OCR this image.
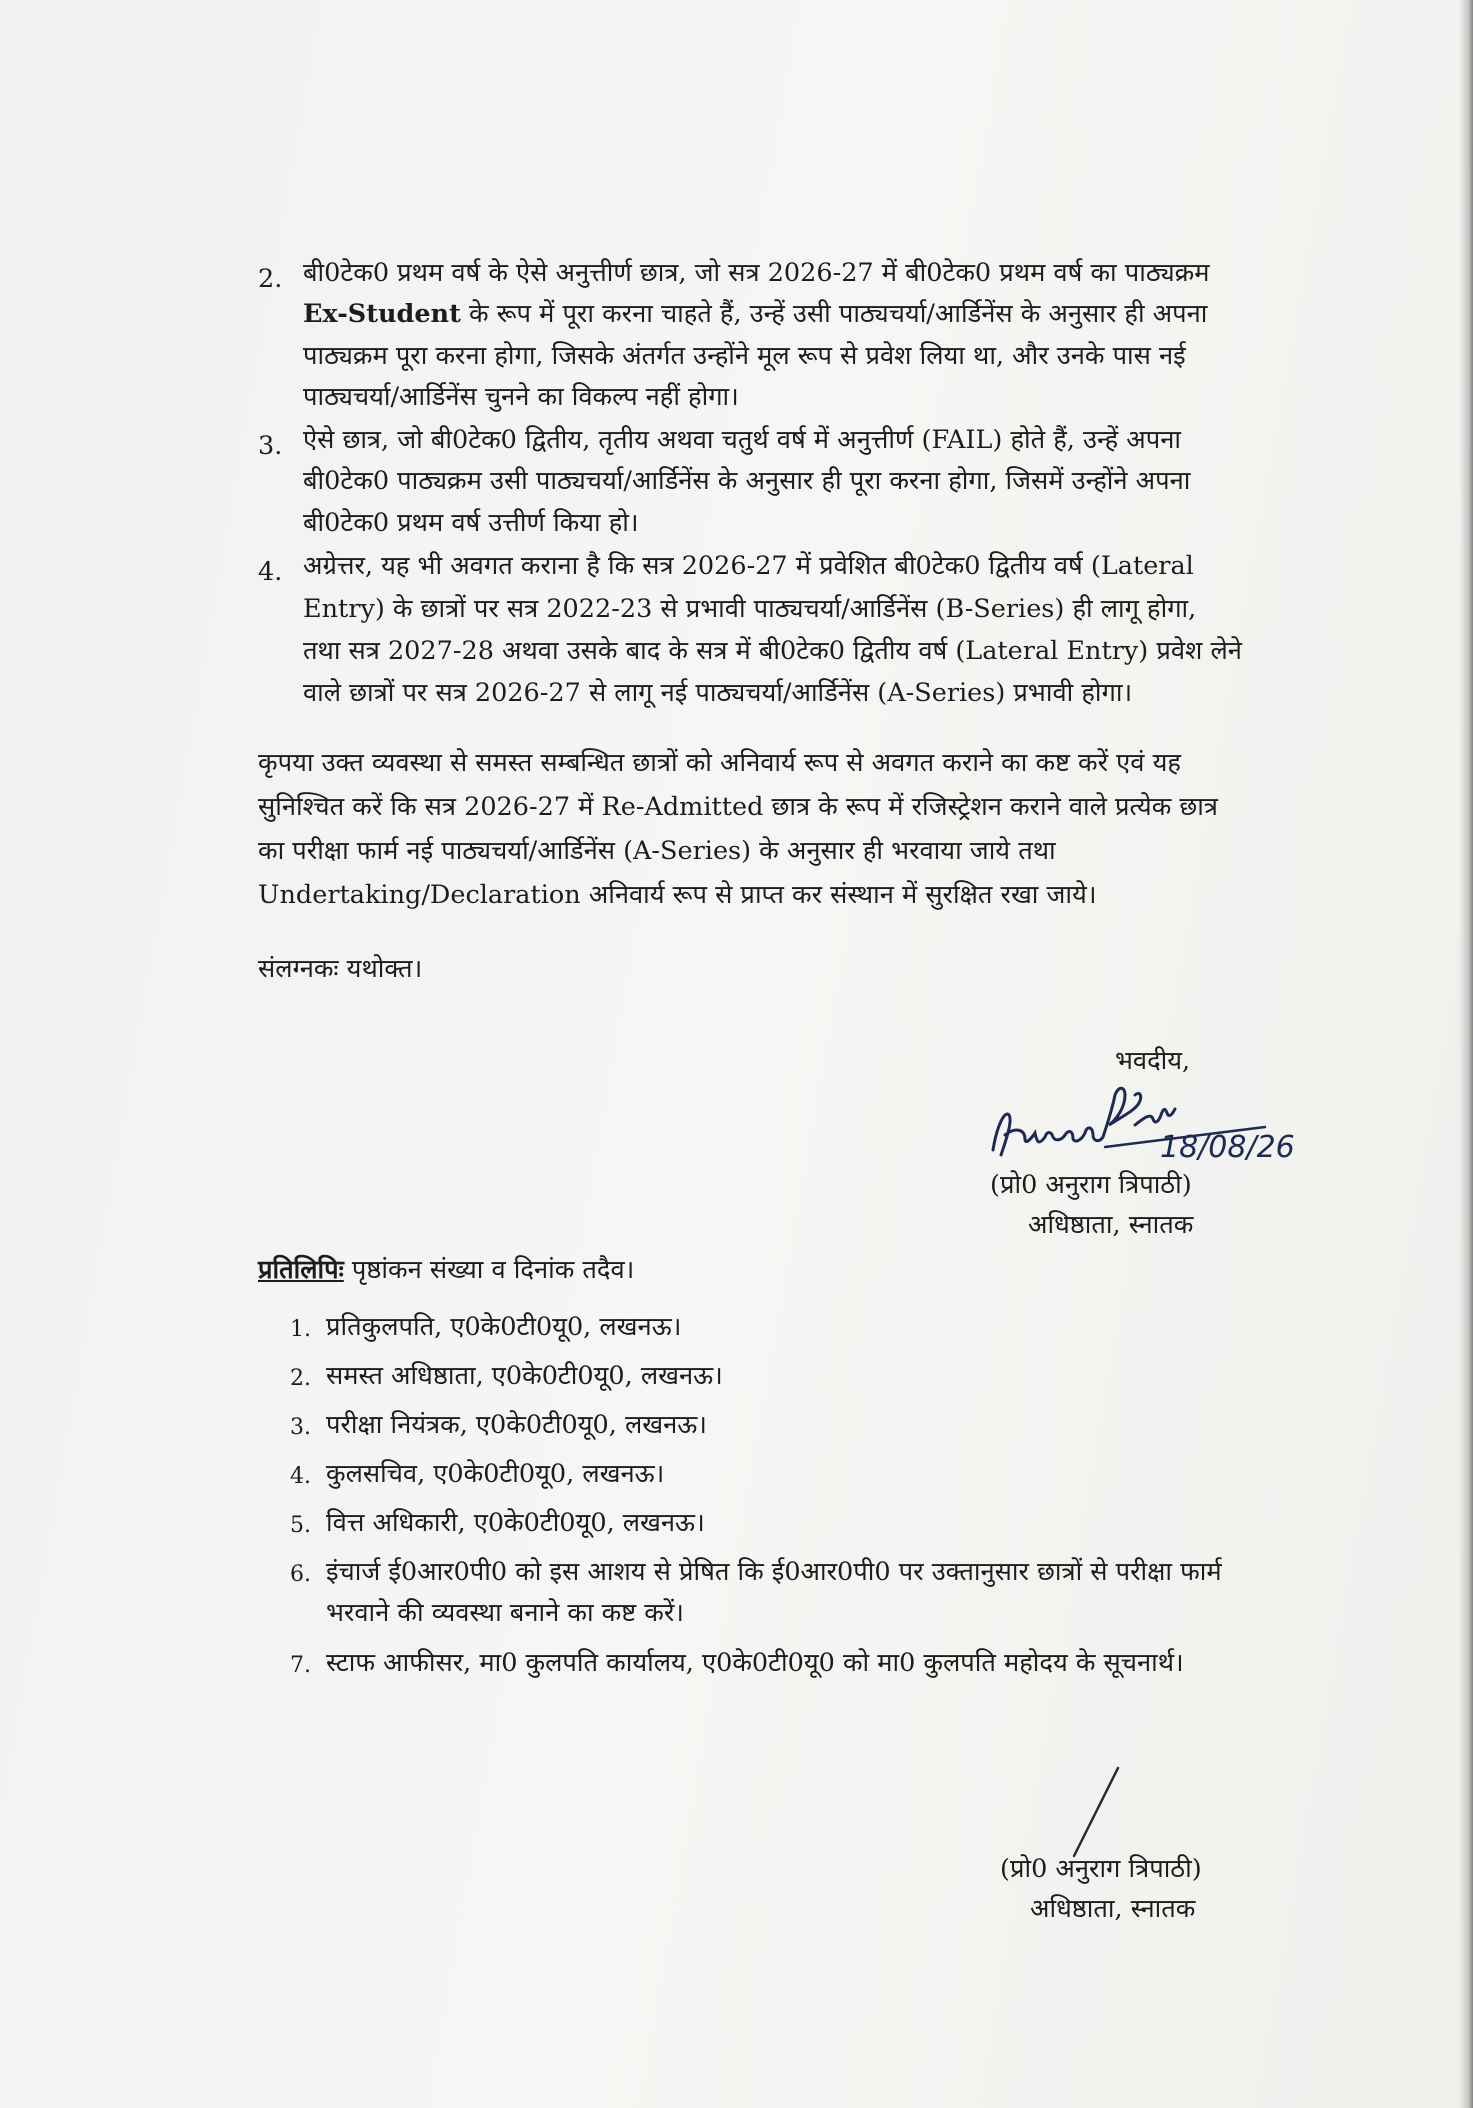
2. बी0टेक0 प्रथम वर्ष के ऐसे अनुत्तीर्ण छात्र, जो सत्र 2026-27 में बी0टेक0 प्रथम वर्ष का पाठ्यक्रम
Ex-Student के रूप में पूरा करना चाहते हैं, उन्हें उसी पाठ्यचर्या/आर्डिनेंस के अनुसार ही अपना
पाठ्यक्रम पूरा करना होगा, जिसके अंतर्गत उन्होंने मूल रूप से प्रवेश लिया था, और उनके पास नई
पाठ्यचर्या/आर्डिनेंस चुनने का विकल्प नहीं होगा।
3. ऐसे छात्र, जो बी0टेक0 द्वितीय, तृतीय अथवा चतुर्थ वर्ष में अनुत्तीर्ण (FAIL) होते हैं, उन्हें अपना
बी0टेक0 पाठ्यक्रम उसी पाठ्यचर्या/आर्डिनेंस के अनुसार ही पूरा करना होगा, जिसमें उन्होंने अपना
बी0टेक0 प्रथम वर्ष उत्तीर्ण किया हो।
4. अग्रेत्तर, यह भी अवगत कराना है कि सत्र 2026-27 में प्रवेशित बी0टेक0 द्वितीय वर्ष (Lateral
Entry) के छात्रों पर सत्र 2022-23 से प्रभावी पाठ्यचर्या/आर्डिनेंस (B-Series) ही लागू होगा,
तथा सत्र 2027-28 अथवा उसके बाद के सत्र में बी0टेक0 द्वितीय वर्ष (Lateral Entry) प्रवेश लेने
वाले छात्रों पर सत्र 2026-27 से लागू नई पाठ्यचर्या/आर्डिनेंस (A-Series) प्रभावी होगा।
कृपया उक्त व्यवस्था से समस्त सम्बन्धित छात्रों को अनिवार्य रूप से अवगत कराने का कष्ट करें एवं यह
सुनिश्चित करें कि सत्र 2026-27 में Re-Admitted छात्र के रूप में रजिस्ट्रेशन कराने वाले प्रत्येक छात्र
का परीक्षा फार्म नई पाठ्यचर्या/आर्डिनेंस (A-Series) के अनुसार ही भरवाया जाये तथा
Undertaking/Declaration अनिवार्य रूप से प्राप्त कर संस्थान में सुरक्षित रखा जाये।
संलग्नकः यथोक्त।
भवदीय,
18/08/26
(प्रो0 अनुराग त्रिपाठी)
अधिष्ठाता, स्नातक
प्रतिलिपिः पृष्ठांकन संख्या व दिनांक तदैव।
1. प्रतिकुलपति, ए0के0टी0यू0, लखनऊ।
2. समस्त अधिष्ठाता, ए0के0टी0यू0, लखनऊ।
3. परीक्षा नियंत्रक, ए0के0टी0यू0, लखनऊ।
4. कुलसचिव, ए0के0टी0यू0, लखनऊ।
5. वित्त अधिकारी, ए0के0टी0यू0, लखनऊ।
6. इंचार्ज ई0आर0पी0 को इस आशय से प्रेषित कि ई0आर0पी0 पर उक्तानुसार छात्रों से परीक्षा फार्म
भरवाने की व्यवस्था बनाने का कष्ट करें।
7. स्टाफ आफीसर, मा0 कुलपति कार्यालय, ए0के0टी0यू0 को मा0 कुलपति महोदय के सूचनार्थ।
(प्रो0 अनुराग त्रिपाठी)
अधिष्ठाता, स्नातक
